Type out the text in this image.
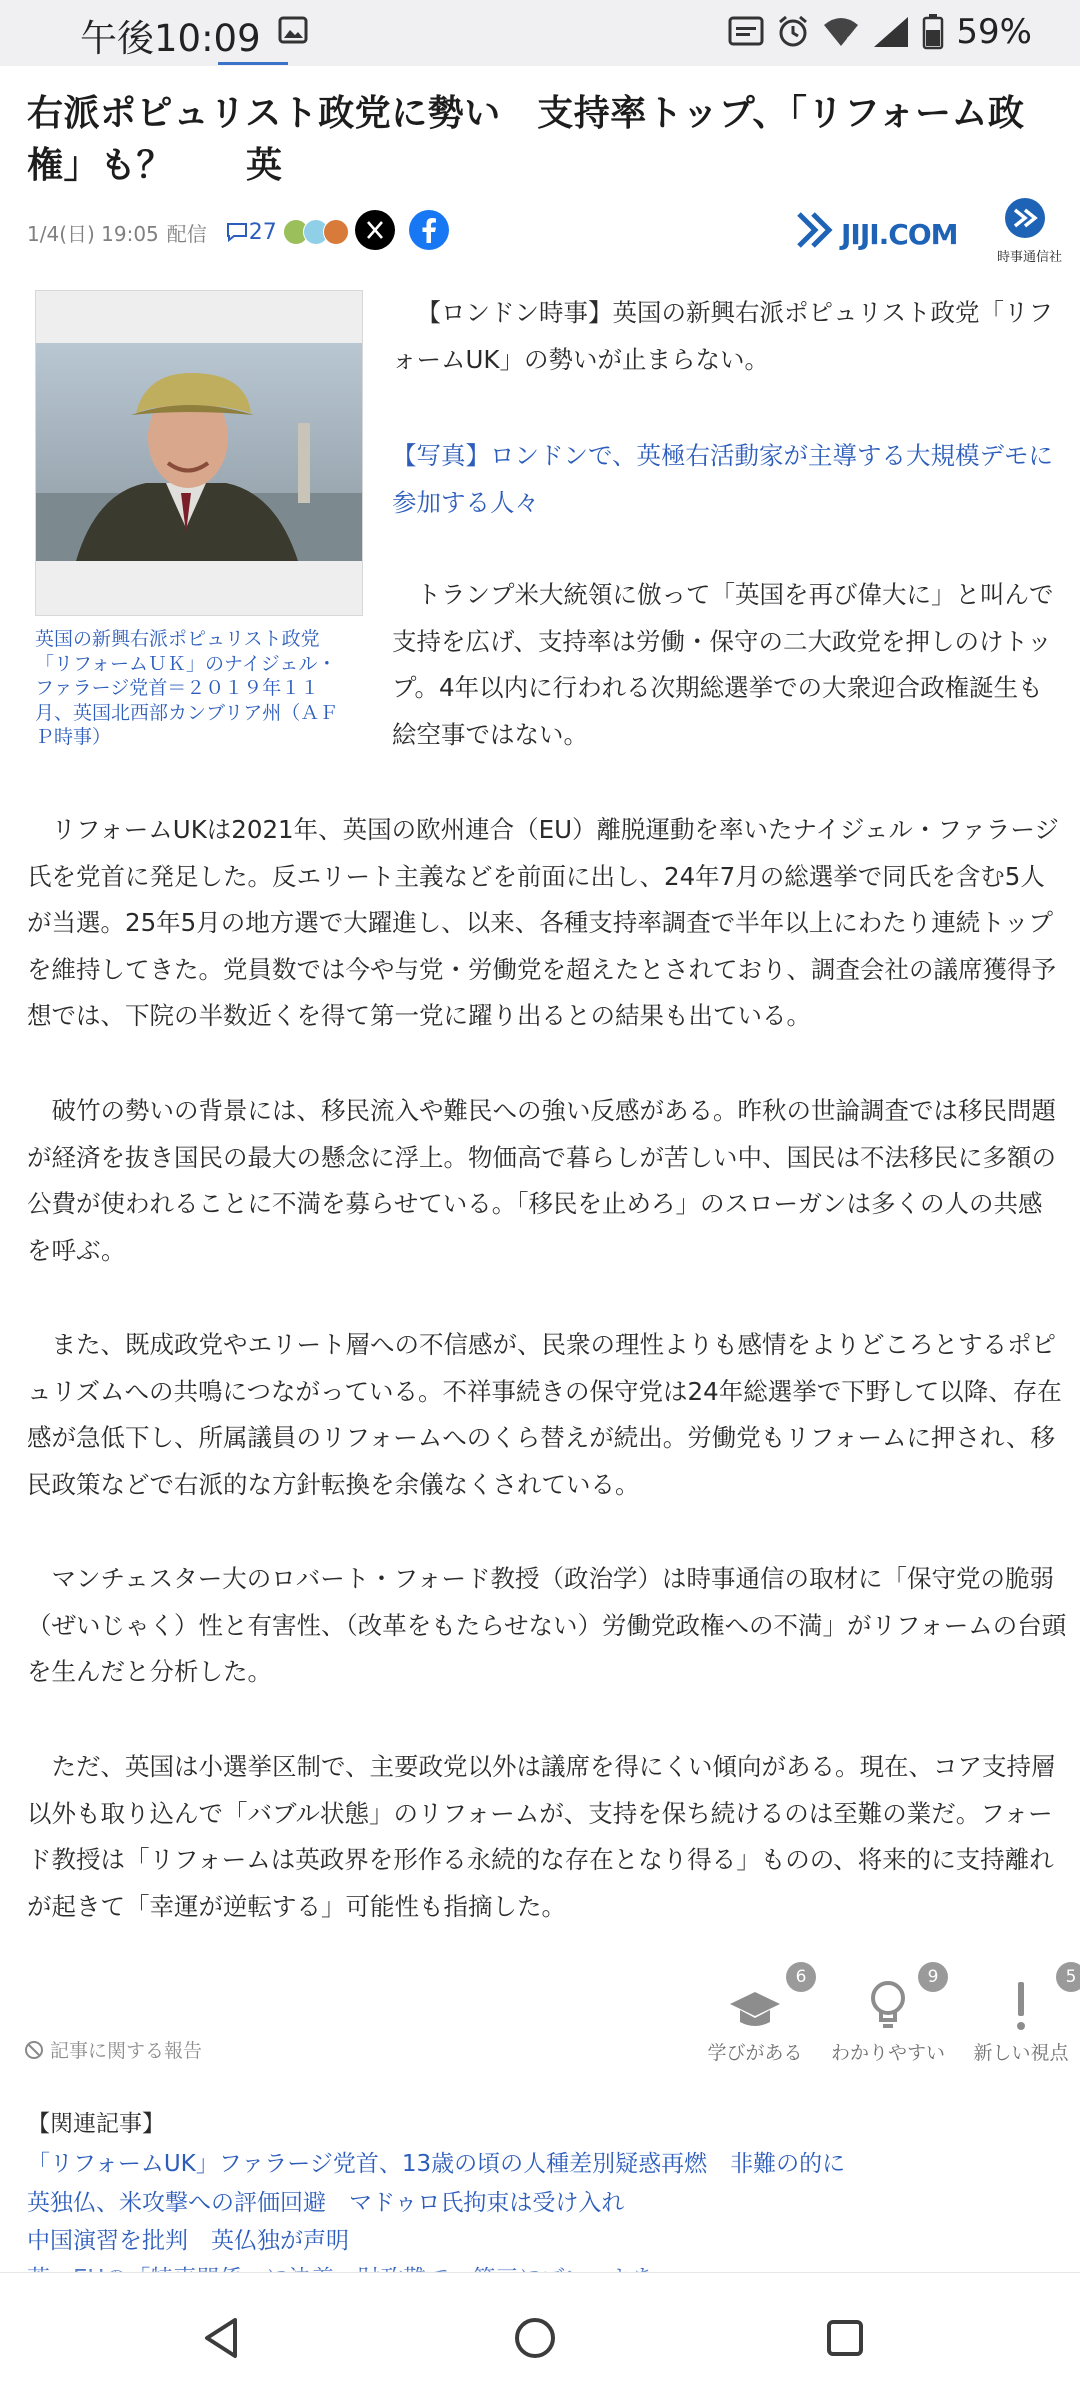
午後10:09	59%
右派ポピュリスト政党に勢い　支持率トップ、「リフォーム政権」も？　　英
1/4(日) 19:05 配信 27	JIJI.COM
時事通信社
英国の新興右派ポピュリスト政党「リフォームＵＫ」のナイジェル・ファラージ党首＝２０１９年１１月、英国北西部カンブリア州（ＡＦＰ時事）
【ロンドン時事】英国の新興右派ポピュリスト政党「リフォームUK」の勢いが止まらない。
【写真】ロンドンで、英極右活動家が主導する大規模デモに参加する人々
トランプ米大統領に倣って「英国を再び偉大に」と叫んで支持を広げ、支持率は労働・保守の二大政党を押しのけトップ。4年以内に行われる次期総選挙での大衆迎合政権誕生も絵空事ではない。
リフォームUKは2021年、英国の欧州連合（EU）離脱運動を率いたナイジェル・ファラージ氏を党首に発足した。反エリート主義などを前面に出し、24年7月の総選挙で同氏を含む5人が当選。25年5月の地方選で大躍進し、以来、各種支持率調査で半年以上にわたり連続トップを維持してきた。党員数では今や与党・労働党を超えたとされており、調査会社の議席獲得予想では、下院の半数近くを得て第一党に躍り出るとの結果も出ている。
破竹の勢いの背景には、移民流入や難民への強い反感がある。昨秋の世論調査では移民問題が経済を抜き国民の最大の懸念に浮上。物価高で暮らしが苦しい中、国民は不法移民に多額の公費が使われることに不満を募らせている。「移民を止めろ」のスローガンは多くの人の共感を呼ぶ。
また、既成政党やエリート層への不信感が、民衆の理性よりも感情をよりどころとするポピュリズムへの共鳴につながっている。不祥事続きの保守党は24年総選挙で下野して以降、存在感が急低下し、所属議員のリフォームへのくら替えが続出。労働党もリフォームに押され、移民政策などで右派的な方針転換を余儀なくされている。
マンチェスター大のロバート・フォード教授（政治学）は時事通信の取材に「保守党の脆弱（ぜいじゃく）性と有害性、（改革をもたらせない）労働党政権への不満」がリフォームの台頭を生んだと分析した。
ただ、英国は小選挙区制で、主要政党以外は議席を得にくい傾向がある。現在、コア支持層以外も取り込んで「バブル状態」のリフォームが、支持を保ち続けるのは至難の業だ。フォード教授は「リフォームは英政界を形作る永続的な存在となり得る」ものの、将来的に支持離れが起きて「幸運が逆転する」可能性も指摘した。
記事に関する報告	学びがある
6
わかりやすい
9
新しい視点
5
【関連記事】
「リフォームUK」ファラージ党首、13歳の頃の人種差別疑惑再燃　非難の的に
英独仏、米攻撃への評価回避　マドゥロ氏拘束は受け入れ
中国演習を批判　英仏独が声明
